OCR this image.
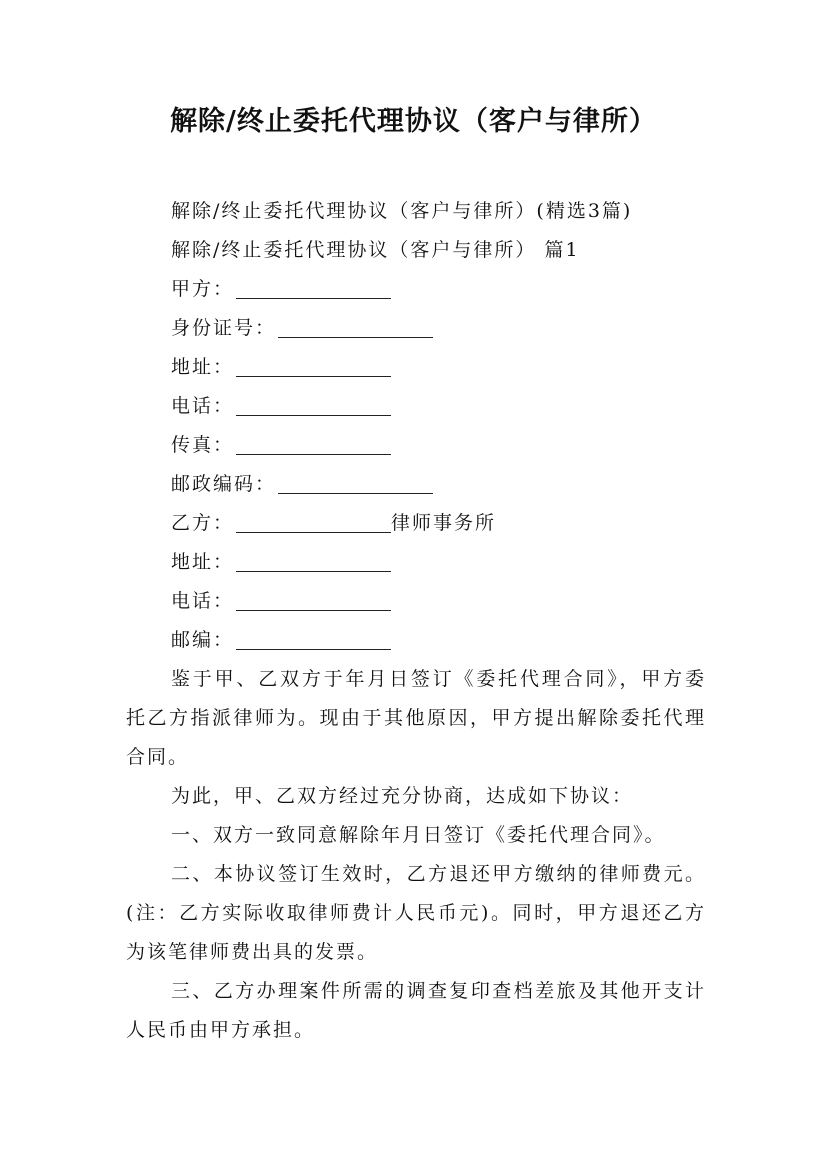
解除/终止委托代理协议（客户与律所）

解除/终止委托代理协议（客户与律所）(精选3篇)

解除/终止委托代理协议（客户与律所） 篇1

甲方：

身份证号：

地址：

电话：

传真：

邮政编码：

乙方：	律师事务所

地址：

电话：

邮编：

鉴于甲、乙双方于年月日签订《委托代理合同》，甲方委托乙方指派律师为。现由于其他原因，甲方提出解除委托代理合同。

为此，甲、乙双方经过充分协商，达成如下协议：

一、双方一致同意解除年月日签订《委托代理合同》。

二、本协议签订生效时，乙方退还甲方缴纳的律师费元。(注：乙方实际收取律师费计人民币元)。同时，甲方退还乙方为该笔律师费出具的发票。

三、乙方办理案件所需的调查复印查档差旅及其他开支计人民币由甲方承担。
